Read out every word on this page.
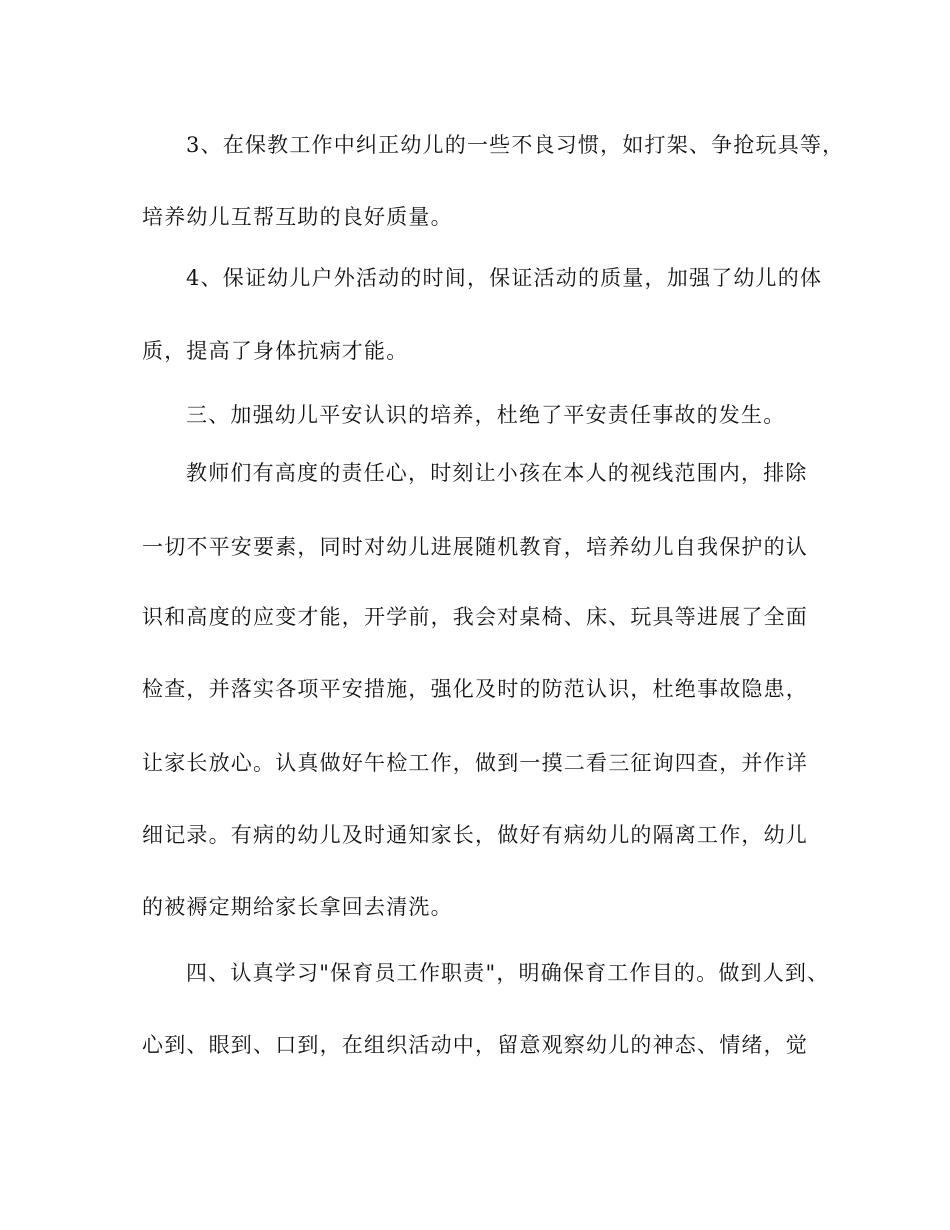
3、在保教工作中纠正幼儿的一些不良习惯，如打架、争抢玩具等，
培养幼儿互帮互助的良好质量。
4、保证幼儿户外活动的时间，保证活动的质量，加强了幼儿的体
质，提高了身体抗病才能。
三、加强幼儿平安认识的培养，杜绝了平安责任事故的发生。
教师们有高度的责任心，时刻让小孩在本人的视线范围内，排除
一切不平安要素，同时对幼儿进展随机教育，培养幼儿自我保护的认
识和高度的应变才能，开学前，我会对桌椅、床、玩具等进展了全面
检查，并落实各项平安措施，强化及时的防范认识，杜绝事故隐患，
让家长放心。认真做好午检工作，做到一摸二看三征询四查，并作详
细记录。有病的幼儿及时通知家长，做好有病幼儿的隔离工作，幼儿
的被褥定期给家长拿回去清洗。
四、认真学习"保育员工作职责"，明确保育工作目的。做到人到、
心到、眼到、口到，在组织活动中，留意观察幼儿的神态、情绪，觉
